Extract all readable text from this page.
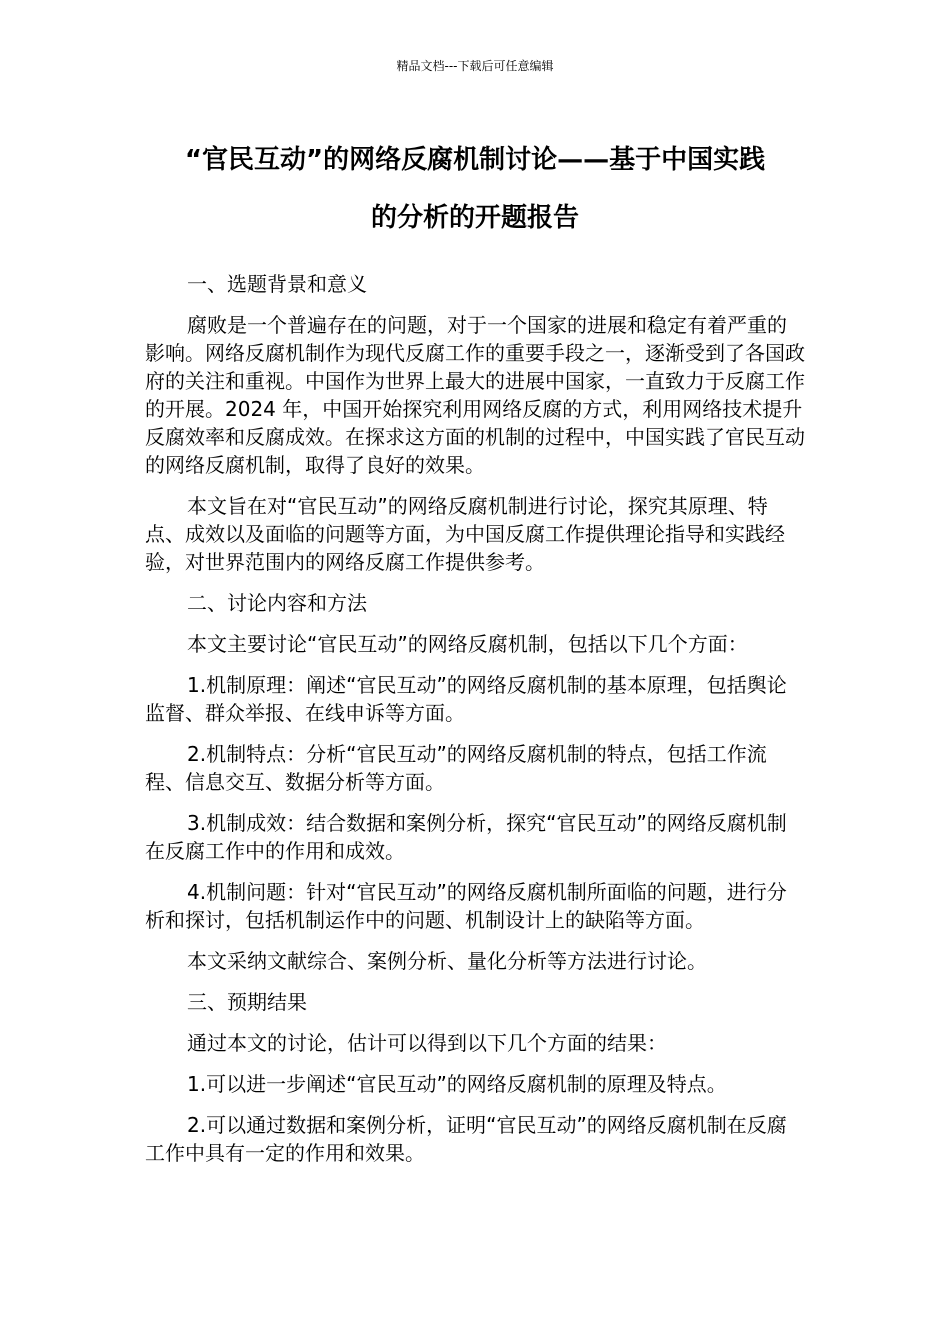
精品文档---下载后可任意编辑
“官民互动”的网络反腐机制讨论——基于中国实践
的分析的开题报告

一、选题背景和意义

腐败是一个普遍存在的问题，对于一个国家的进展和稳定有着严重的影响。网络反腐机制作为现代反腐工作的重要手段之一，逐渐受到了各国政府的关注和重视。中国作为世界上最大的进展中国家，一直致力于反腐工作的开展。2024 年，中国开始探究利用网络反腐的方式，利用网络技术提升反腐效率和反腐成效。在探求这方面的机制的过程中，中国实践了官民互动的网络反腐机制，取得了良好的效果。

本文旨在对“官民互动”的网络反腐机制进行讨论，探究其原理、特点、成效以及面临的问题等方面，为中国反腐工作提供理论指导和实践经验，对世界范围内的网络反腐工作提供参考。

二、讨论内容和方法

本文主要讨论“官民互动”的网络反腐机制，包括以下几个方面：

1.机制原理：阐述“官民互动”的网络反腐机制的基本原理，包括舆论监督、群众举报、在线申诉等方面。

2.机制特点：分析“官民互动”的网络反腐机制的特点，包括工作流程、信息交互、数据分析等方面。

3.机制成效：结合数据和案例分析，探究“官民互动”的网络反腐机制在反腐工作中的作用和成效。

4.机制问题：针对“官民互动”的网络反腐机制所面临的问题，进行分析和探讨，包括机制运作中的问题、机制设计上的缺陷等方面。

本文采纳文献综合、案例分析、量化分析等方法进行讨论。

三、预期结果

通过本文的讨论，估计可以得到以下几个方面的结果：

1.可以进一步阐述“官民互动”的网络反腐机制的原理及特点。

2.可以通过数据和案例分析，证明“官民互动”的网络反腐机制在反腐工作中具有一定的作用和效果。
